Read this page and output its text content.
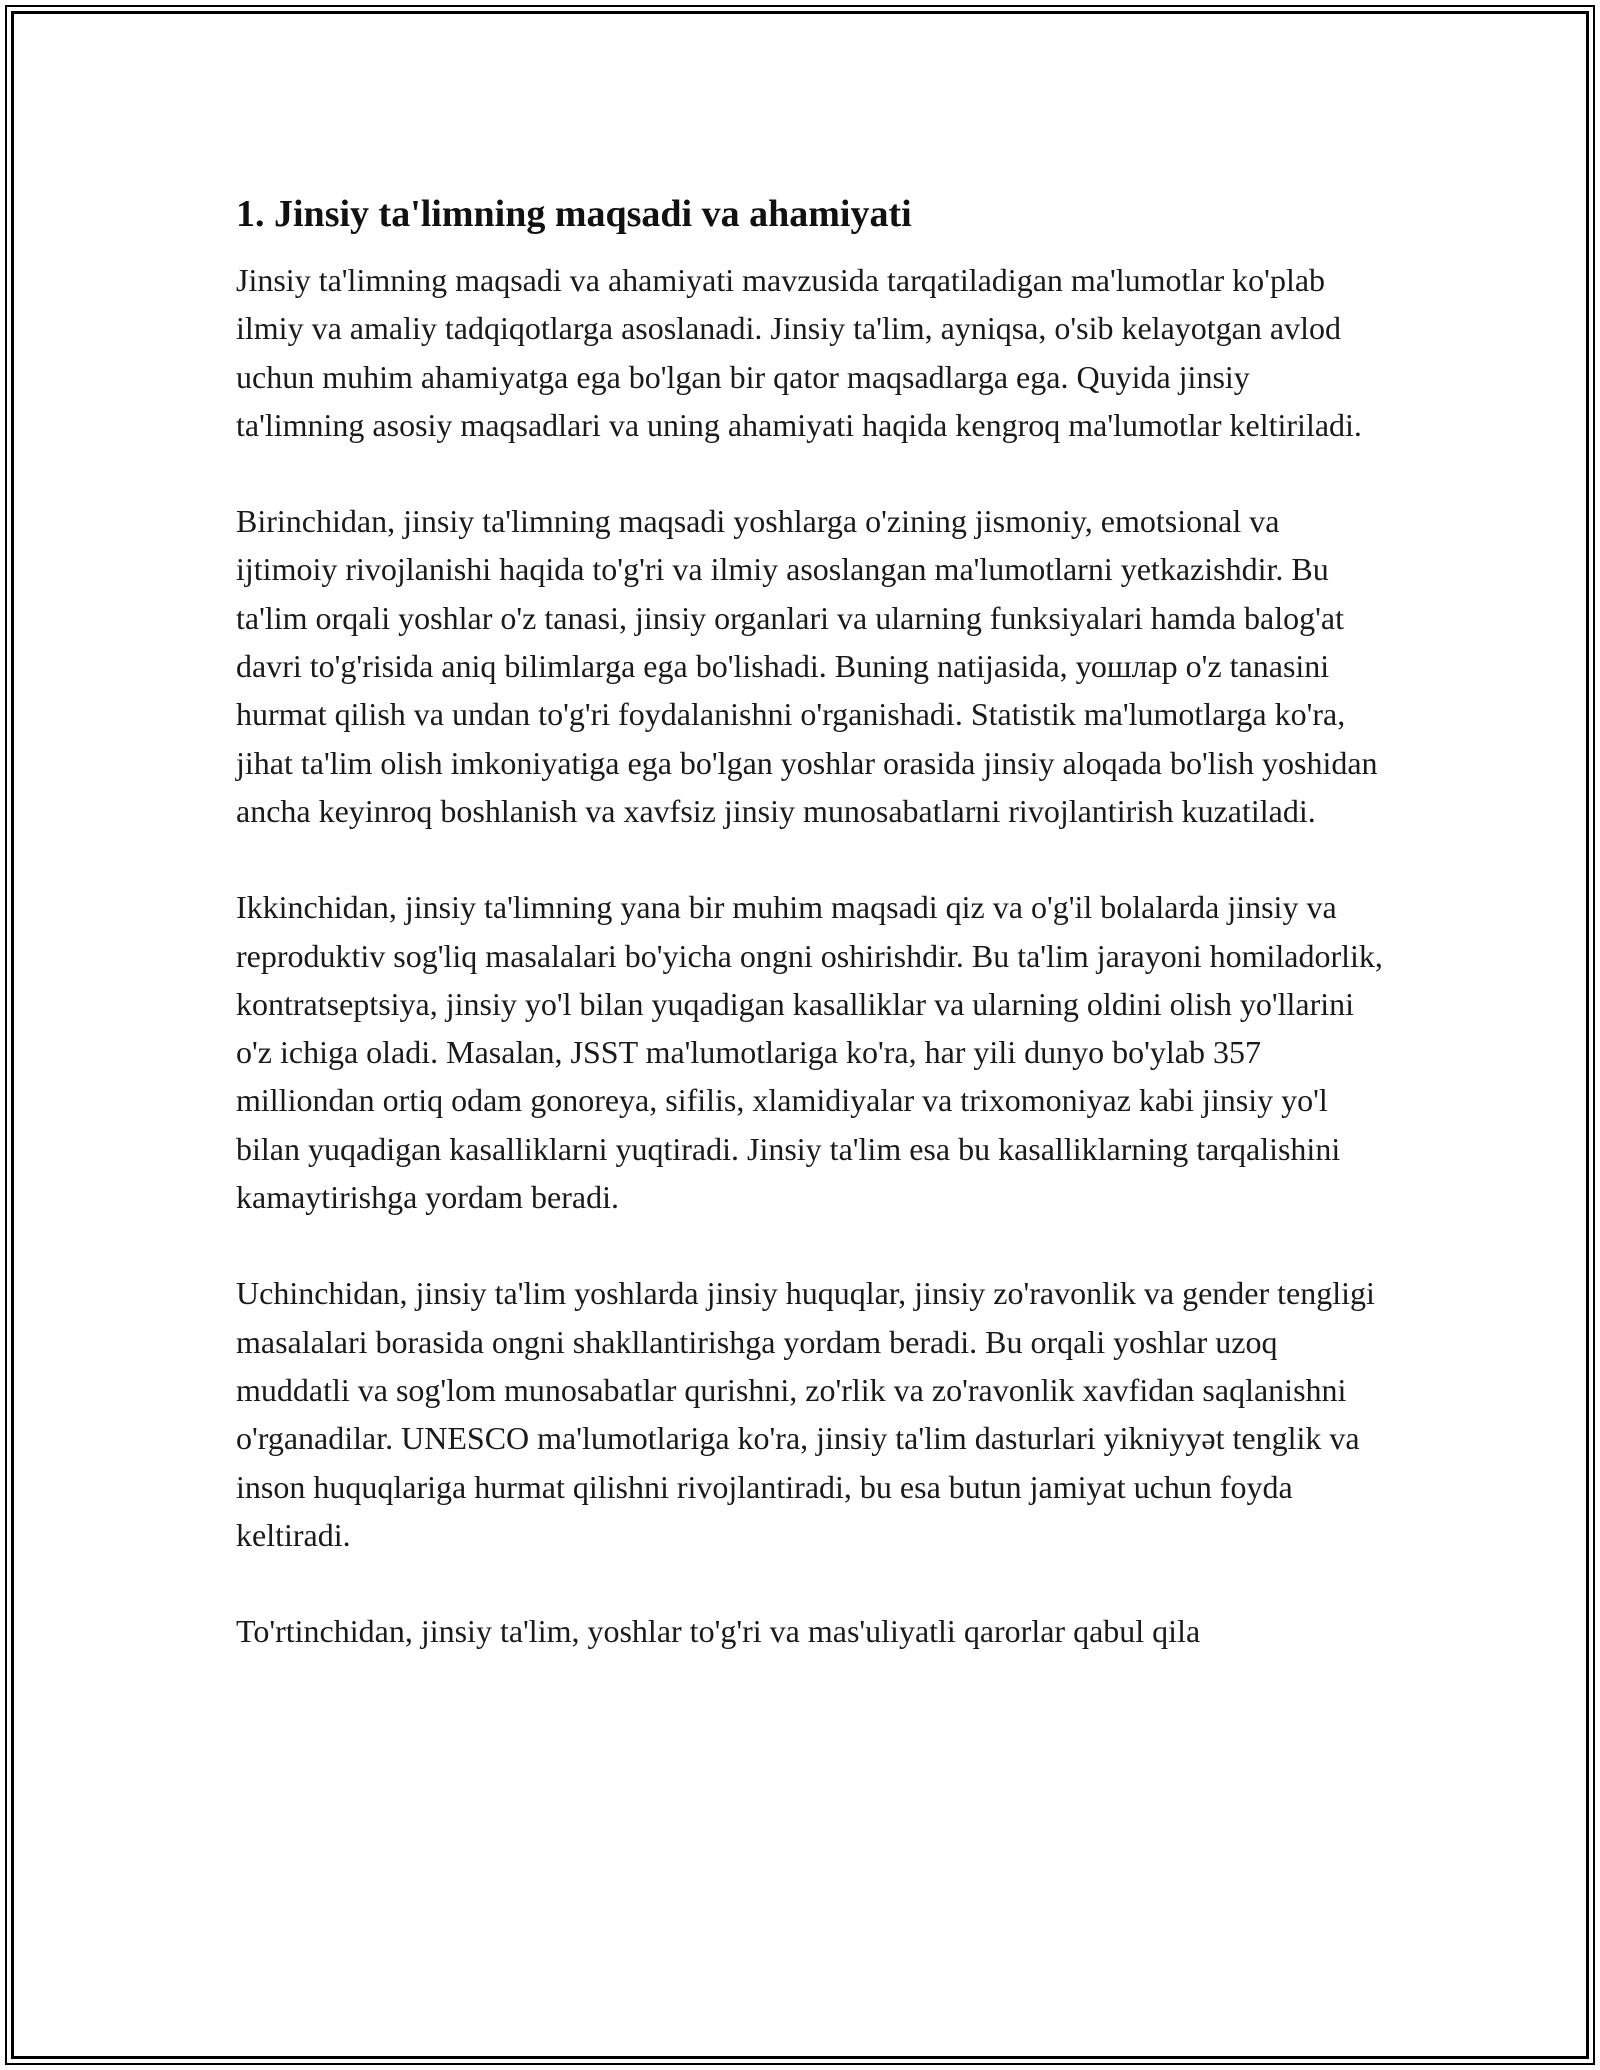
1. Jinsiy ta'limning maqsadi va ahamiyati

Jinsiy ta'limning maqsadi va ahamiyati mavzusida tarqatiladigan ma'lumotlar ko'plab ilmiy va amaliy tadqiqotlarga asoslanadi. Jinsiy ta'lim, ayniqsa, o'sib kelayotgan avlod uchun muhim ahamiyatga ega bo'lgan bir qator maqsadlarga ega. Quyida jinsiy ta'limning asosiy maqsadlari va uning ahamiyati haqida kengroq ma'lumotlar keltiriladi.

Birinchidan, jinsiy ta'limning maqsadi yoshlarga o'zining jismoniy, emotsional va ijtimoiy rivojlanishi haqida to'g'ri va ilmiy asoslangan ma'lumotlarni yetkazishdir. Bu ta'lim orqali yoshlar o'z tanasi, jinsiy organlari va ularning funksiyalari hamda balog'at davri to'g'risida aniq bilimlarga ega bo'lishadi. Buning natijasida, уошлар o'z tanasini hurmat qilish va undan to'g'ri foydalanishni o'rganishadi. Statistik ma'lumotlarga ko'ra, jihat ta'lim olish imkoniyatiga ega bo'lgan yoshlar orasida jinsiy aloqada bo'lish yoshidan ancha keyinroq boshlanish va xavfsiz jinsiy munosabatlarni rivojlantirish kuzatiladi.

Ikkinchidan, jinsiy ta'limning yana bir muhim maqsadi qiz va o'g'il bolalarda jinsiy va reproduktiv sog'liq masalalari bo'yicha ongni oshirishdir. Bu ta'lim jarayoni homiladorlik, kontratseptsiya, jinsiy yo'l bilan yuqadigan kasalliklar va ularning oldini olish yo'llarini o'z ichiga oladi. Masalan, JSST ma'lumotlariga ko'ra, har yili dunyo bo'ylab 357 milliondan ortiq odam gonoreya, sifilis, xlamidiyalar va trixomoniyaz kabi jinsiy yo'l bilan yuqadigan kasalliklarni yuqtiradi. Jinsiy ta'lim esa bu kasalliklarning tarqalishini kamaytirishga yordam beradi.

Uchinchidan, jinsiy ta'lim yoshlarda jinsiy huquqlar, jinsiy zo'ravonlik va gender tengligi masalalari borasida ongni shakllantirishga yordam beradi. Bu orqali yoshlar uzoq muddatli va sog'lom munosabatlar qurishni, zo'rlik va zo'ravonlik xavfidan saqlanishni o'rganadilar. UNESCO ma'lumotlariga ko'ra, jinsiy ta'lim dasturlari yikniyyət tenglik va inson huquqlariga hurmat qilishni rivojlantiradi, bu esa butun jamiyat uchun foyda keltiradi.

To'rtinchidan, jinsiy ta'lim, yoshlar to'g'ri va mas'uliyatli qarorlar qabul qila
